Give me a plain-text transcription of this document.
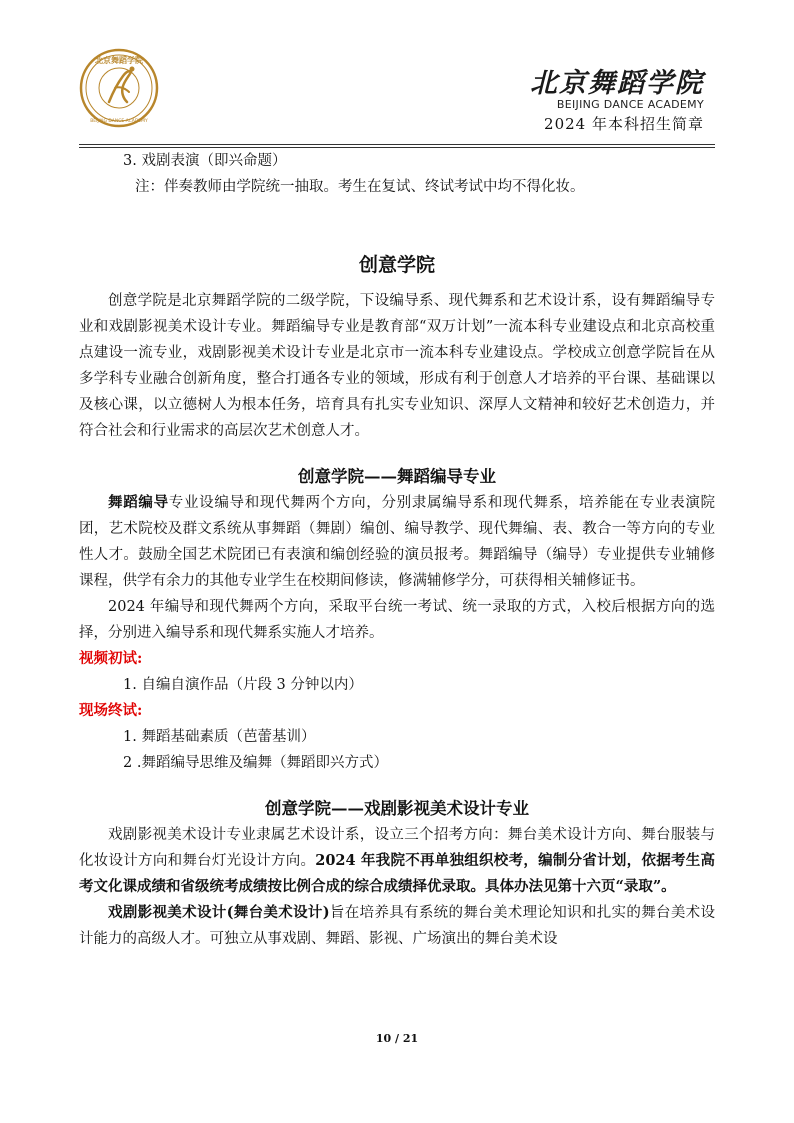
北京舞蹈学院
BEIJING DANCE ACADEMY
北京舞蹈学院
BEIJING DANCE ACADEMY
2024 年本科招生简章
3. 戏剧表演（即兴命题）
注：伴奏教师由学院统一抽取。考生在复试、终试考试中均不得化妆。
创意学院

创意学院是北京舞蹈学院的二级学院，下设编导系、现代舞系和艺术设计系，设有舞蹈编导专业和戏剧影视美术设计专业。舞蹈编导专业是教育部“双万计划”一流本科专业建设点和北京高校重点建设一流专业，戏剧影视美术设计专业是北京市一流本科专业建设点。学校成立创意学院旨在从多学科专业融合创新角度，整合打通各专业的领域，形成有利于创意人才培养的平台课、基础课以及核心课，以立德树人为根本任务，培育具有扎实专业知识、深厚人文精神和较好艺术创造力，并符合社会和行业需求的高层次艺术创意人才。

创意学院——舞蹈编导专业

舞蹈编导专业设编导和现代舞两个方向，分别隶属编导系和现代舞系，培养能在专业表演院团，艺术院校及群文系统从事舞蹈（舞剧）编创、编导教学、现代舞编、表、教合一等方向的专业性人才。鼓励全国艺术院团已有表演和编创经验的演员报考。舞蹈编导（编导）专业提供专业辅修课程，供学有余力的其他专业学生在校期间修读，修满辅修学分，可获得相关辅修证书。

2024 年编导和现代舞两个方向，采取平台统一考试、统一录取的方式，入校后根据方向的选择，分别进入编导系和现代舞系实施人才培养。

视频初试:
1. 自编自演作品（片段 3 分钟以内）
现场终试:
1. 舞蹈基础素质（芭蕾基训）
2 .舞蹈编导思维及编舞（舞蹈即兴方式）
创意学院——戏剧影视美术设计专业

戏剧影视美术设计专业隶属艺术设计系，设立三个招考方向：舞台美术设计方向、舞台服装与化妆设计方向和舞台灯光设计方向。2024 年我院不再单独组织校考，编制分省计划，依据考生高考文化课成绩和省级统考成绩按比例合成的综合成绩择优录取。具体办法见第十六页“录取”。

戏剧影视美术设计(舞台美术设计)旨在培养具有系统的舞台美术理论知识和扎实的舞台美术设计能力的高级人才。可独立从事戏剧、舞蹈、影视、广场演出的舞台美术设

10 / 21
